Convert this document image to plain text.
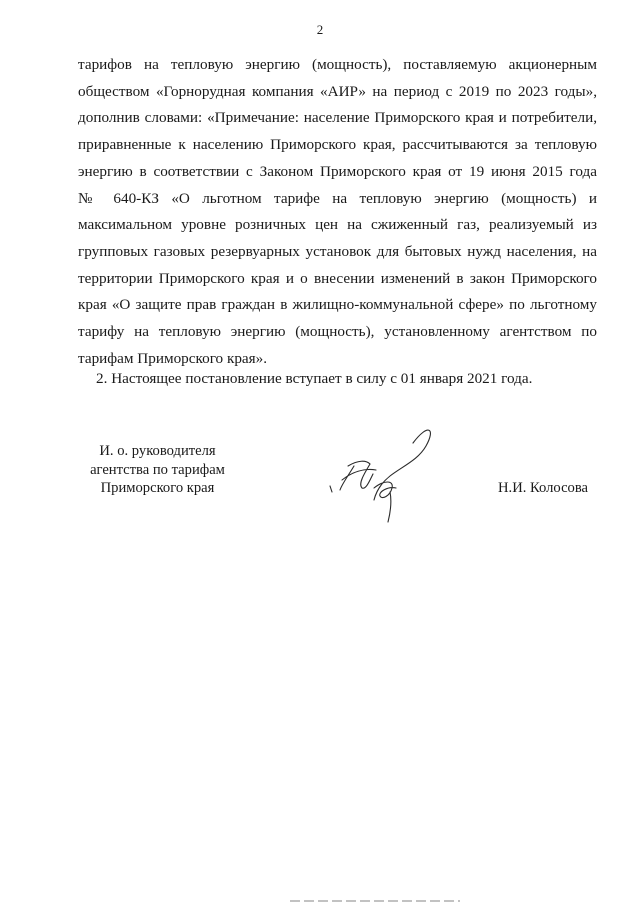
2
тарифов на тепловую энергию (мощность), поставляемую акционерным
обществом «Горнорудная компания «АИР» на период с 2019 по 2023 годы»,
дополнив словами: «Примечание: население Приморского края и потребители,
приравненные к населению Приморского края, рассчитываются за тепловую
энергию в соответствии с Законом Приморского края от 19 июня 2015 года
№ 640-КЗ «О льготном тарифе на тепловую энергию (мощность) и
максимальном уровне розничных цен на сжиженный газ, реализуемый из
групповых газовых резервуарных установок для бытовых нужд населения, на
территории Приморского края и о внесении изменений в закон Приморского
края «О защите прав граждан в жилищно-коммунальной сфере» по льготному
тарифу на тепловую энергию (мощность), установленному агентством по
тарифам Приморского края».
2. Настоящее постановление вступает в силу с 01 января 2021 года.
И. о. руководителя
агентства по тарифам
Приморского края	Н.И. Колосова
